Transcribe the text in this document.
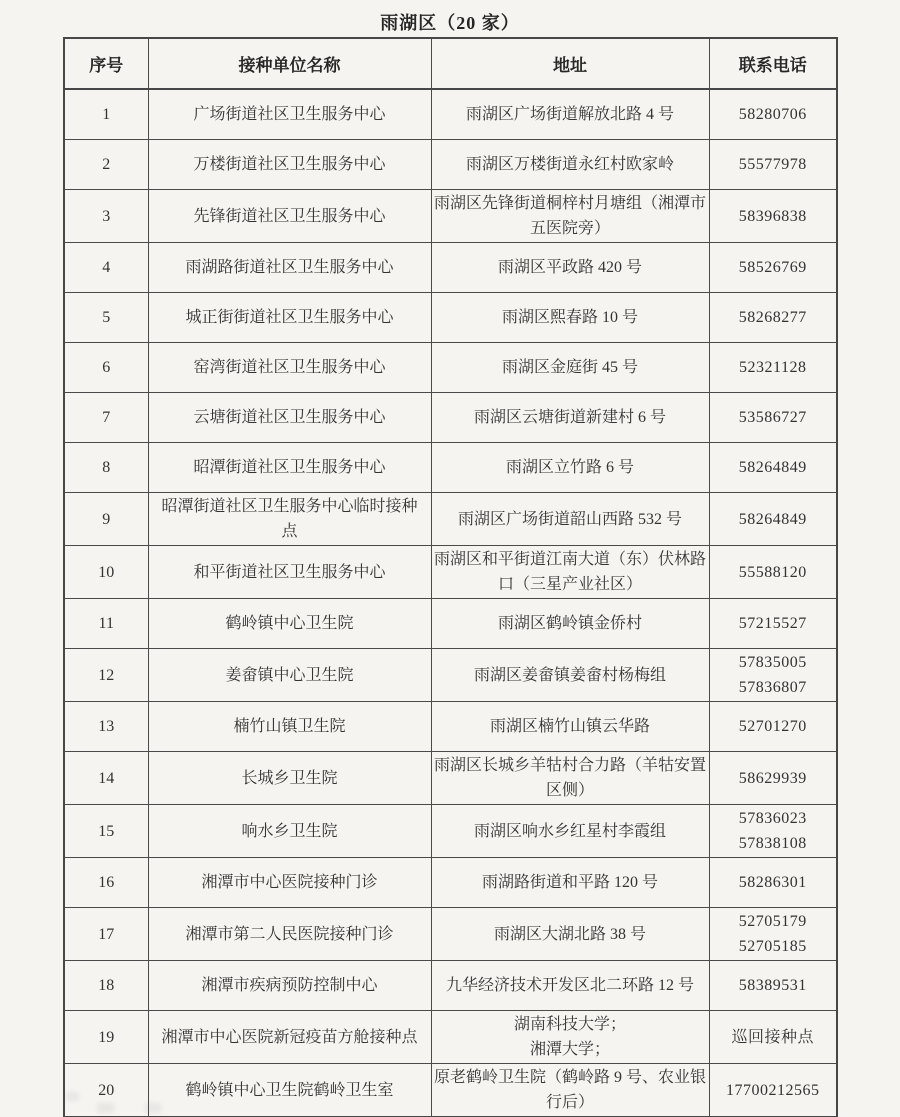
雨湖区（20 家）
序号	接种单位名称	地址	联系电话

1	广场街道社区卫生服务中心	雨湖区广场街道解放北路 4 号	58280706

2	万楼街道社区卫生服务中心	雨湖区万楼街道永红村欧家岭	55577978

3	先锋街道社区卫生服务中心	雨湖区先锋街道桐梓村月塘组（湘潭市
五医院旁）	58396838

4	雨湖路街道社区卫生服务中心	雨湖区平政路 420 号	58526769

5	城正街街道社区卫生服务中心	雨湖区熙春路 10 号	58268277

6	窑湾街道社区卫生服务中心	雨湖区金庭街 45 号	52321128

7	云塘街道社区卫生服务中心	雨湖区云塘街道新建村 6 号	53586727

8	昭潭街道社区卫生服务中心	雨湖区立竹路 6 号	58264849

9	昭潭街道社区卫生服务中心临时接种
点	雨湖区广场街道韶山西路 532 号	58264849

10	和平街道社区卫生服务中心	雨湖区和平街道江南大道（东）伏林路
口（三星产业社区）	55588120

11	鹤岭镇中心卫生院	雨湖区鹤岭镇金侨村	57215527

12	姜畲镇中心卫生院	雨湖区姜畲镇姜畲村杨梅组	57835005
57836807

13	楠竹山镇卫生院	雨湖区楠竹山镇云华路	52701270

14	长城乡卫生院	雨湖区长城乡羊牯村合力路（羊牯安置
区侧）	58629939

15	响水乡卫生院	雨湖区响水乡红星村李霞组	57836023
57838108

16	湘潭市中心医院接种门诊	雨湖路街道和平路 120 号	58286301

17	湘潭市第二人民医院接种门诊	雨湖区大湖北路 38 号	52705179
52705185

18	湘潭市疾病预防控制中心	九华经济技术开发区北二环路 12 号	58389531

19	湘潭市中心医院新冠疫苗方舱接种点	湖南科技大学；
湘潭大学；	巡回接种点

20	鹤岭镇中心卫生院鹤岭卫生室	原老鹤岭卫生院（鹤岭路 9 号、农业银
行后）	17700212565
